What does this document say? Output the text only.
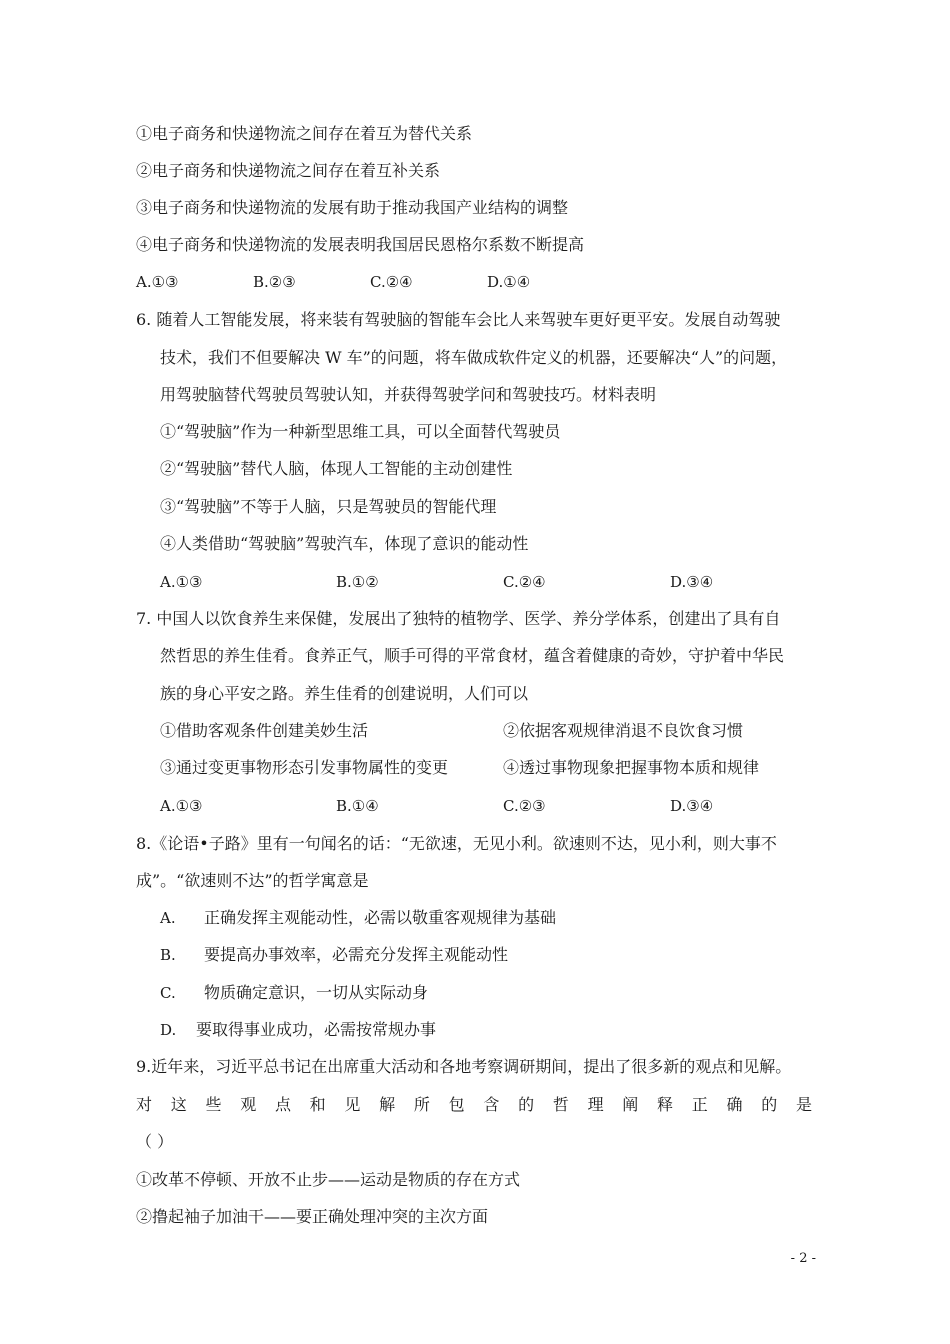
①电子商务和快递物流之间存在着互为替代关系
②电子商务和快递物流之间存在着互补关系
③电子商务和快递物流的发展有助于推动我国产业结构的调整
④电子商务和快递物流的发展表明我国居民恩格尔系数不断提高
A.①③	B.②③	C.②④	D.①④
6. 随着人工智能发展，将来装有驾驶脑的智能车会比人来驾驶车更好更平安。发展自动驾驶
技术，我们不但要解决 W 车”的问题，将车做成软件定义的机器，还要解决“人”的问题，
用驾驶脑替代驾驶员驾驶认知，并获得驾驶学问和驾驶技巧。材料表明
①“驾驶脑”作为一种新型思维工具，可以全面替代驾驶员
②“驾驶脑”替代人脑，体现人工智能的主动创建性
③“驾驶脑”不等于人脑，只是驾驶员的智能代理
④人类借助“驾驶脑”驾驶汽车，体现了意识的能动性
A.①③	B.①②	C.②④	D.③④
7. 中国人以饮食养生来保健，发展出了独特的植物学、医学、养分学体系，创建出了具有自
然哲思的养生佳肴。食养正气，顺手可得的平常食材，蕴含着健康的奇妙，守护着中华民
族的身心平安之路。养生佳肴的创建说明，人们可以
①借助客观条件创建美妙生活	②依据客观规律消退不良饮食习惯
③通过变更事物形态引发事物属性的变更	④透过事物现象把握事物本质和规律
A.①③	B.①④	C.②③	D.③④
8.《论语•子路》里有一句闻名的话：“无欲速，无见小利。欲速则不达，见小利，则大事不
成”。“欲速则不达”的哲学寓意是
A. 正确发挥主观能动性，必需以敬重客观规律为基础
B. 要提高办事效率，必需充分发挥主观能动性
C. 物质确定意识，一切从实际动身
D. 要取得事业成功，必需按常规办事
9.近年来，习近平总书记在出席重大活动和各地考察调研期间，提出了很多新的观点和见解。
对这些观点和见解所包含的哲理阐释正确的是
（ ）
①改革不停顿、开放不止步——运动是物质的存在方式
②撸起袖子加油干——要正确处理冲突的主次方面
- 2 -
